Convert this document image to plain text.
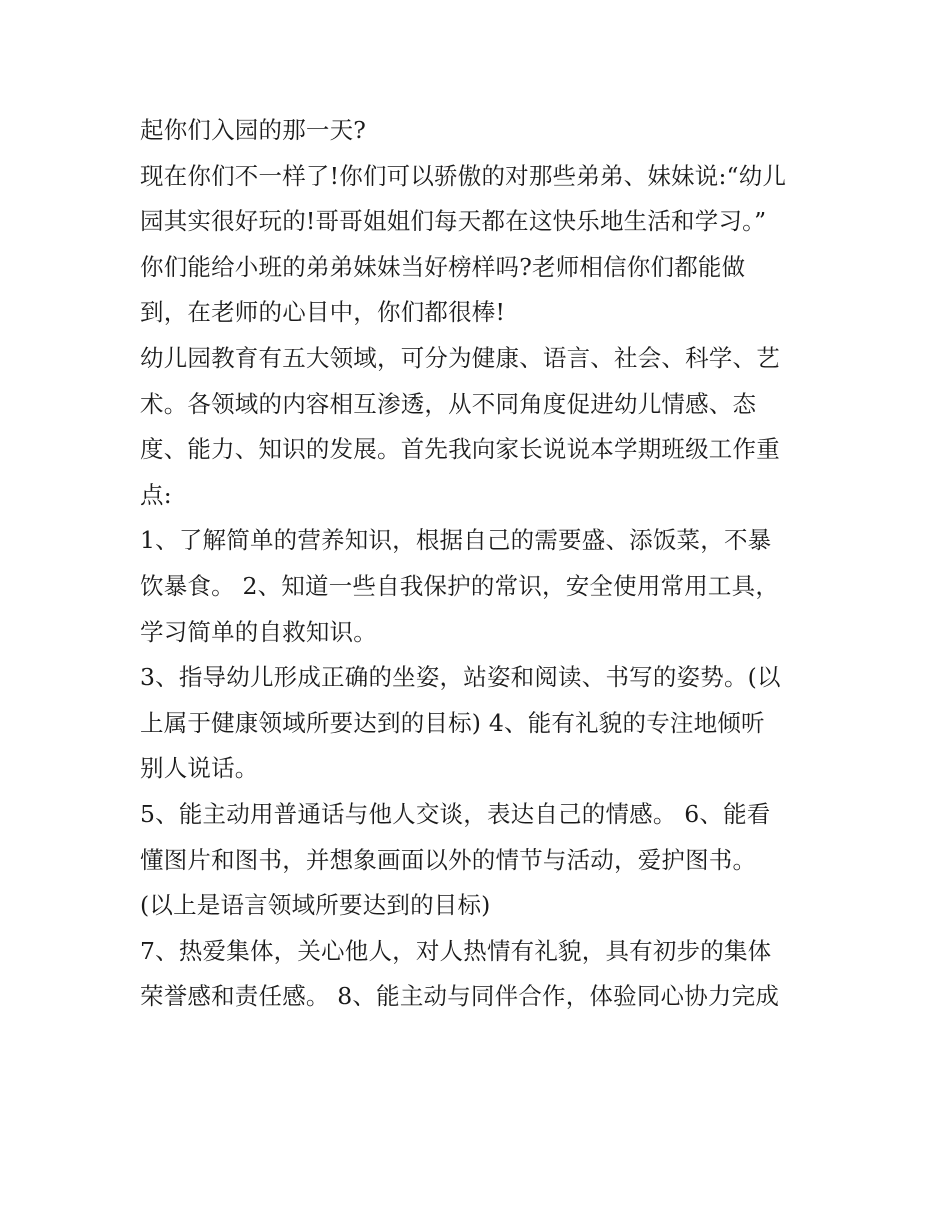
起你们入园的那一天?
现在你们不一样了!你们可以骄傲的对那些弟弟、妹妹说:“幼儿
园其实很好玩的!哥哥姐姐们每天都在这快乐地生活和学习。”
你们能给小班的弟弟妹妹当好榜样吗?老师相信你们都能做
到，在老师的心目中，你们都很棒!
幼儿园教育有五大领域，可分为健康、语言、社会、科学、艺
术。各领域的内容相互渗透，从不同角度促进幼儿情感、态
度、能力、知识的发展。首先我向家长说说本学期班级工作重
点:
1、了解简单的营养知识，根据自己的需要盛、添饭菜，不暴
饮暴食。 2、知道一些自我保护的常识，安全使用常用工具，
学习简单的自救知识。
3、指导幼儿形成正确的坐姿，站姿和阅读、书写的姿势。(以
上属于健康领域所要达到的目标) 4、能有礼貌的专注地倾听
别人说话。
5、能主动用普通话与他人交谈，表达自己的情感。 6、能看
懂图片和图书，并想象画面以外的情节与活动，爱护图书。
(以上是语言领域所要达到的目标)
7、热爱集体，关心他人，对人热情有礼貌，具有初步的集体
荣誉感和责任感。 8、能主动与同伴合作，体验同心协力完成
